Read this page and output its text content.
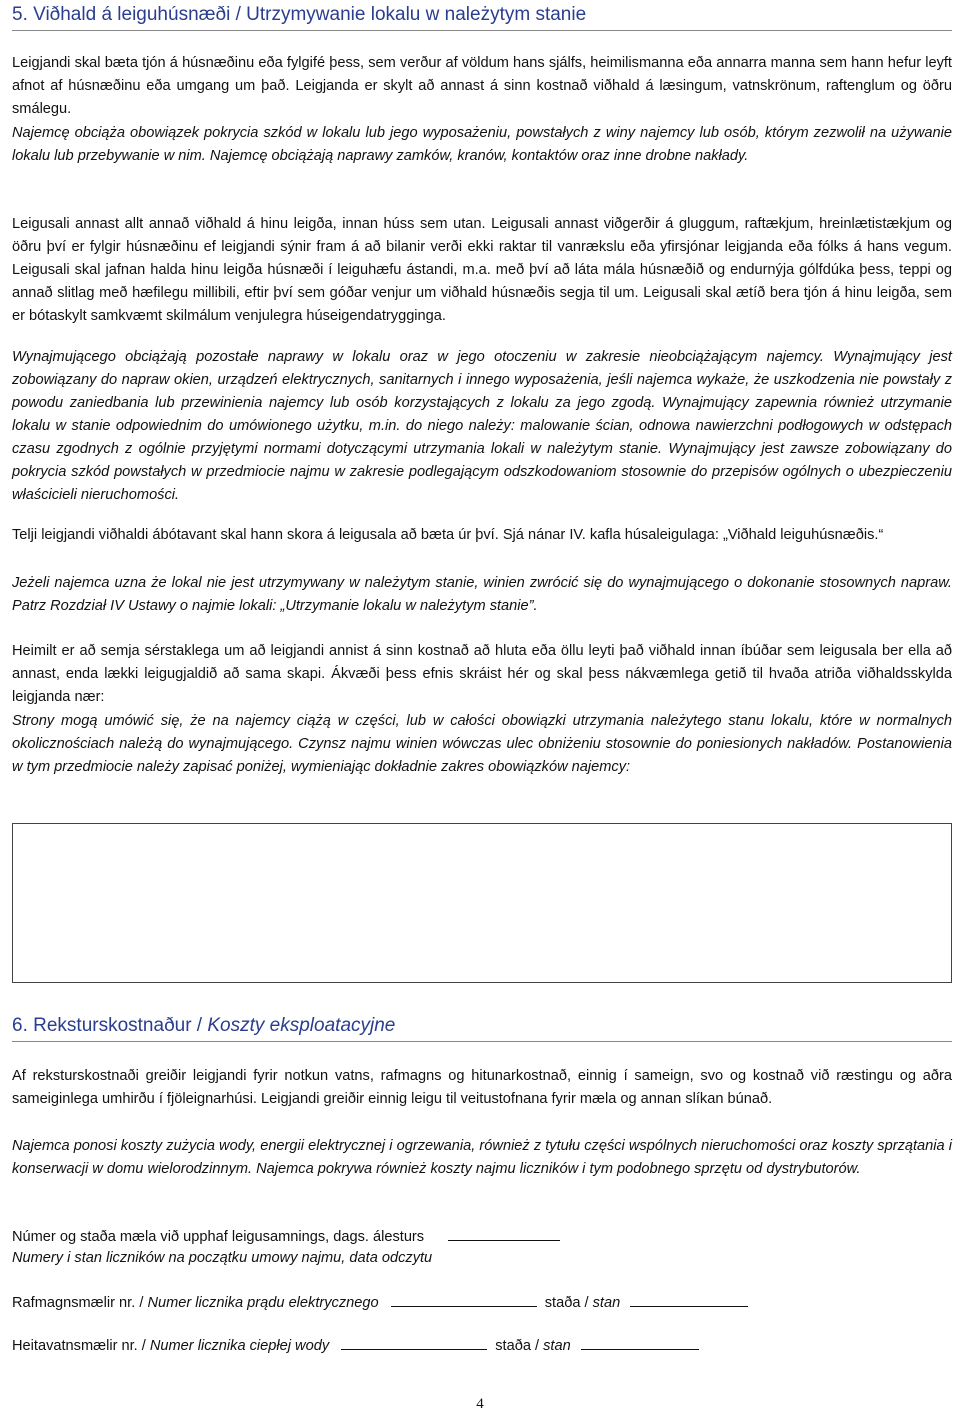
5. Viðhald á leiguhúsnæði / Utrzymywanie lokalu w należytym stanie

Leigjandi skal bæta tjón á húsnæðinu eða fylgifé þess, sem verður af völdum hans sjálfs, heimilismanna eða annarra manna sem hann hefur leyft afnot af húsnæðinu eða umgang um það. Leigjanda er skylt að annast á sinn kostnað viðhald á læsingum, vatnskrönum, raftenglum og öðru smálegu.

Najemcę obciąża obowiązek pokrycia szkód w lokalu lub jego wyposażeniu, powstałych z winy najemcy lub osób, którym zezwolił na używanie lokalu lub przebywanie w nim. Najemcę obciążają naprawy zamków, kranów, kontaktów oraz inne drobne nakłady.

Leigusali annast allt annað viðhald á hinu leigða, innan húss sem utan. Leigusali annast viðgerðir á gluggum, raftækjum, hreinlætistækjum og öðru því er fylgir húsnæðinu ef leigjandi sýnir fram á að bilanir verði ekki raktar til vanrækslu eða yfirsjónar leigjanda eða fólks á hans vegum. Leigusali skal jafnan halda hinu leigða húsnæði í leiguhæfu ástandi, m.a. með því að láta mála húsnæðið og endurnýja gólfdúka þess, teppi og annað slitlag með hæfilegu millibili, eftir því sem góðar venjur um viðhald húsnæðis segja til um. Leigusali skal ætíð bera tjón á hinu leigða, sem er bótaskylt samkvæmt skilmálum venjulegra húseigendatrygginga.

Wynajmującego obciążają pozostałe naprawy w lokalu oraz w jego otoczeniu w zakresie nieobciążającym najemcy. Wynajmujący jest zobowiązany do napraw okien, urządzeń elektrycznych, sanitarnych i innego wyposażenia, jeśli najemca wykaże, że uszkodzenia nie powstały z powodu zaniedbania lub przewinienia najemcy lub osób korzystających z lokalu za jego zgodą. Wynajmujący zapewnia również utrzymanie lokalu w stanie odpowiednim do umówionego użytku, m.in. do niego należy: malowanie ścian, odnowa nawierzchni podłogowych w odstępach czasu zgodnych z ogólnie przyjętymi normami dotyczącymi utrzymania lokali w należytym stanie. Wynajmujący jest zawsze zobowiązany do pokrycia szkód powstałych w przedmiocie najmu w zakresie podlegającym odszkodowaniom stosownie do przepisów ogólnych o ubezpieczeniu właścicieli nieruchomości.

Telji leigjandi viðhaldi ábótavant skal hann skora á leigusala að bæta úr því. Sjá nánar IV. kafla húsaleigulaga: „Viðhald leiguhúsnæðis.“

Jeżeli najemca uzna że lokal nie jest utrzymywany w należytym stanie, winien zwrócić się do wynajmującego o dokonanie stosownych napraw. Patrz Rozdział IV Ustawy o najmie lokali: „Utrzymanie lokalu w należytym stanie”.

Heimilt er að semja sérstaklega um að leigjandi annist á sinn kostnað að hluta eða öllu leyti það viðhald innan íbúðar sem leigusala ber ella að annast, enda lækki leigugjaldið að sama skapi. Ákvæði þess efnis skráist hér og skal þess nákvæmlega getið til hvaða atriða viðhaldsskylda leigjanda nær:

Strony mogą umówić się, że na najemcy ciążą w części, lub w całości obowiązki utrzymania należytego stanu lokalu, które w normalnych okolicznościach należą do wynajmującego. Czynsz najmu winien wówczas ulec obniżeniu stosownie do poniesionych nakładów. Postanowienia w tym przedmiocie należy zapisać poniżej, wymieniając dokładnie zakres obowiązków najemcy:

6. Reksturskostnaður / Koszty eksploatacyjne

Af reksturskostnaði greiðir leigjandi fyrir notkun vatns, rafmagns og hitunarkostnað, einnig í sameign, svo og kostnað við ræstingu og aðra sameiginlega umhirðu í fjöleignarhúsi. Leigjandi greiðir einnig leigu til veitustofnana fyrir mæla og annan slíkan búnað.

Najemca ponosi koszty zużycia wody, energii elektrycznej i ogrzewania, również z tytułu części wspólnych nieruchomości oraz koszty sprzątania i konserwacji w domu wielorodzinnym. Najemca pokrywa również koszty najmu liczników i tym podobnego sprzętu od dystrybutorów.

Númer og staða mæla við upphaf leigusamnings, dags. álesturs
Numery i stan liczników na początku umowy najmu, data odczytu
Rafmagnsmælir nr. / Numer licznika prądu elektrycznego	staða / stan
Heitavatnsmælir nr. / Numer licznika ciepłej wody	staða / stan
4
